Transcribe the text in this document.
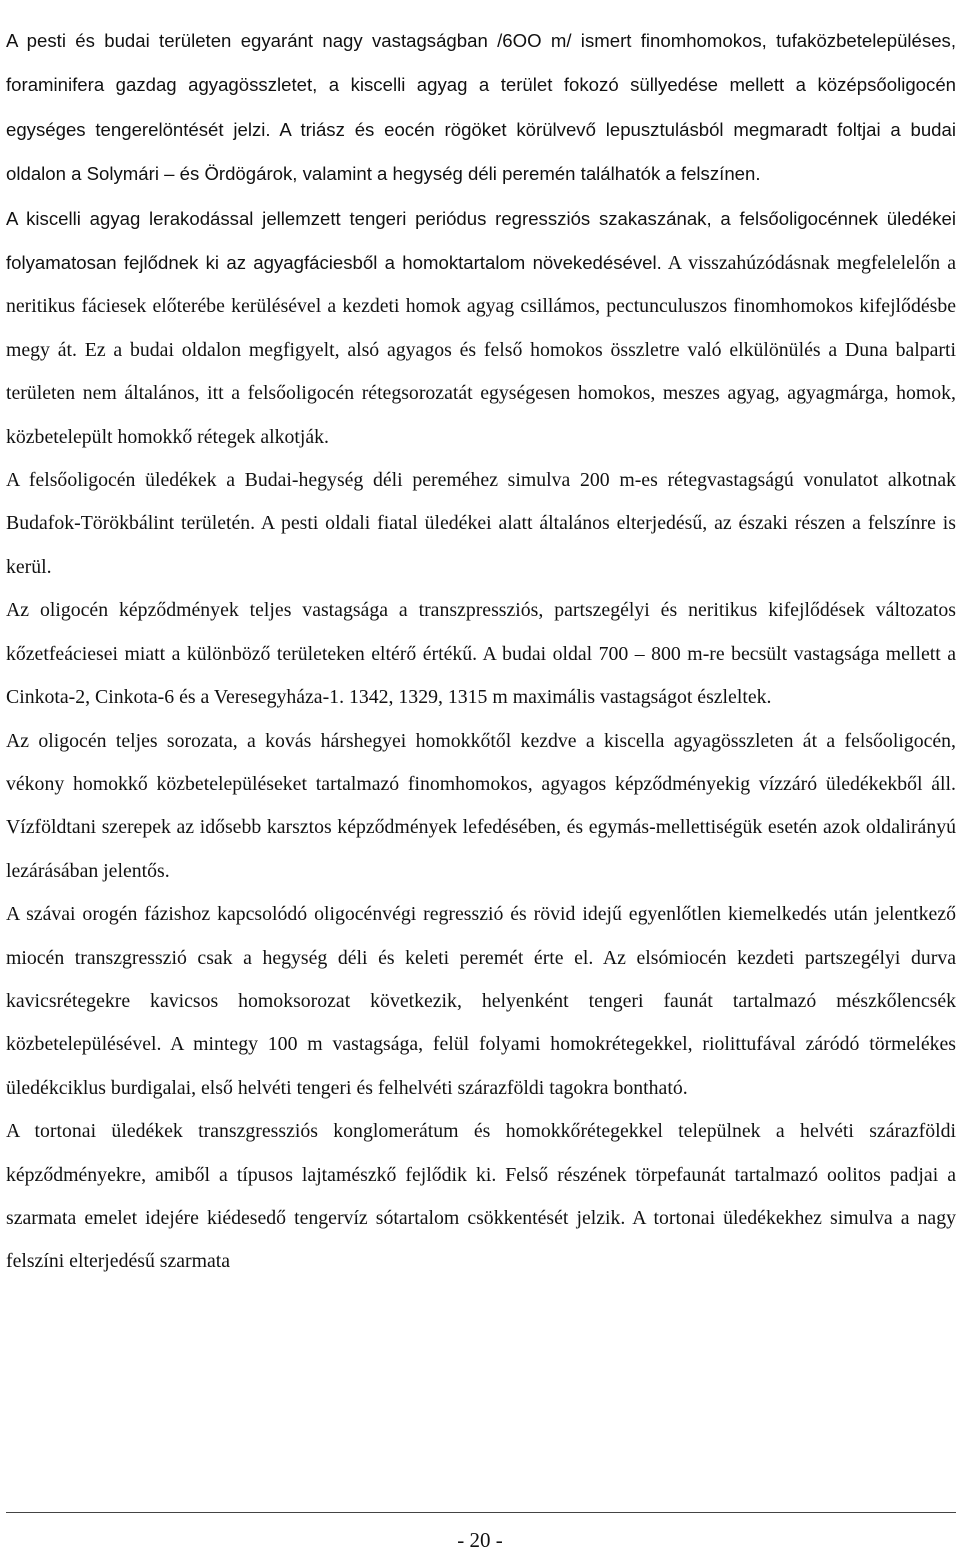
A pesti és budai területen egyaránt nagy vastagságban /6OO m/ ismert finomhomokos, tufaközbetelepüléses, foraminifera gazdag agyagösszletet, a kiscelli agyag a terület fokozó süllyedése mellett a középsőoligocén egységes tengerelöntését jelzi. A triász és eocén rögöket körülvevő lepusztulásból megmaradt foltjai a budai oldalon a Solymári – és Ördögárok, valamint a hegység déli peremén találhatók a felszínen.

A kiscelli agyag lerakodással jellemzett tengeri periódus regressziós szakaszának, a felsőoligocénnek üledékei folyamatosan fejlődnek ki az agyagfáciesből a homoktartalom növekedésével. A visszahúzódásnak megfelelelőn a neritikus fáciesek előterébe kerülésével a kezdeti homok agyag csillámos, pectunculuszos finomhomokos kifejlődésbe megy át. Ez a budai oldalon megfigyelt, alsó agyagos és felső homokos összletre való elkülönülés a Duna balparti területen nem általános, itt a felsőoligocén rétegsorozatát egységesen homokos, meszes agyag, agyagmárga, homok, közbetelepült homokkő rétegek alkotják.

A felsőoligocén üledékek a Budai-hegység déli pereméhez simulva 200 m-es rétegvastagságú vonulatot alkotnak Budafok-Törökbálint területén. A pesti oldali fiatal üledékei alatt általános elterjedésű, az északi részen a felszínre is kerül.

Az oligocén képződmények teljes vastagsága a transzpressziós, partszegélyi és neritikus kifejlődések változatos kőzetfeáciesei miatt a különböző területeken eltérő értékű. A budai oldal 700 – 800 m-re becsült vastagsága mellett a Cinkota-2, Cinkota-6 és a Veresegyháza-1. 1342, 1329, 1315 m maximális vastagságot észleltek.

Az oligocén teljes sorozata, a kovás hárshegyei homokkőtől kezdve a kiscella agyagösszleten át a felsőoligocén, vékony homokkő közbetelepüléseket tartalmazó finomhomokos, agyagos képződményekig vízzáró üledékekből áll. Vízföldtani szerepek az idősebb karsztos képződmények lefedésében, és egymás-mellettiségük esetén azok oldalirányú lezárásában jelentős.

A szávai orogén fázishoz kapcsolódó oligocénvégi regresszió és rövid idejű egyenlőtlen kiemelkedés után jelentkező miocén transzgresszió csak a hegység déli és keleti peremét érte el. Az elsómiocén kezdeti partszegélyi durva kavicsrétegekre kavicsos homoksorozat következik, helyenként tengeri faunát tartalmazó mészkőlencsék közbetelepülésével. A mintegy 100 m vastagsága, felül folyami homokrétegekkel, riolittufával záródó törmelékes üledékciklus burdigalai, első helvéti tengeri és felhelvéti szárazföldi tagokra bontható.

A tortonai üledékek transzgressziós konglomerátum és homokkőrétegekkel települnek a helvéti szárazföldi képződményekre, amiből a típusos lajtamészkő fejlődik ki. Felső részének törpefaunát tartalmazó oolitos padjai a szarmata emelet idejére kiédesedő tengervíz sótartalom csökkentését jelzik. A tortonai üledékekhez simulva a nagy felszíni elterjedésű szarmata

- 20 -
